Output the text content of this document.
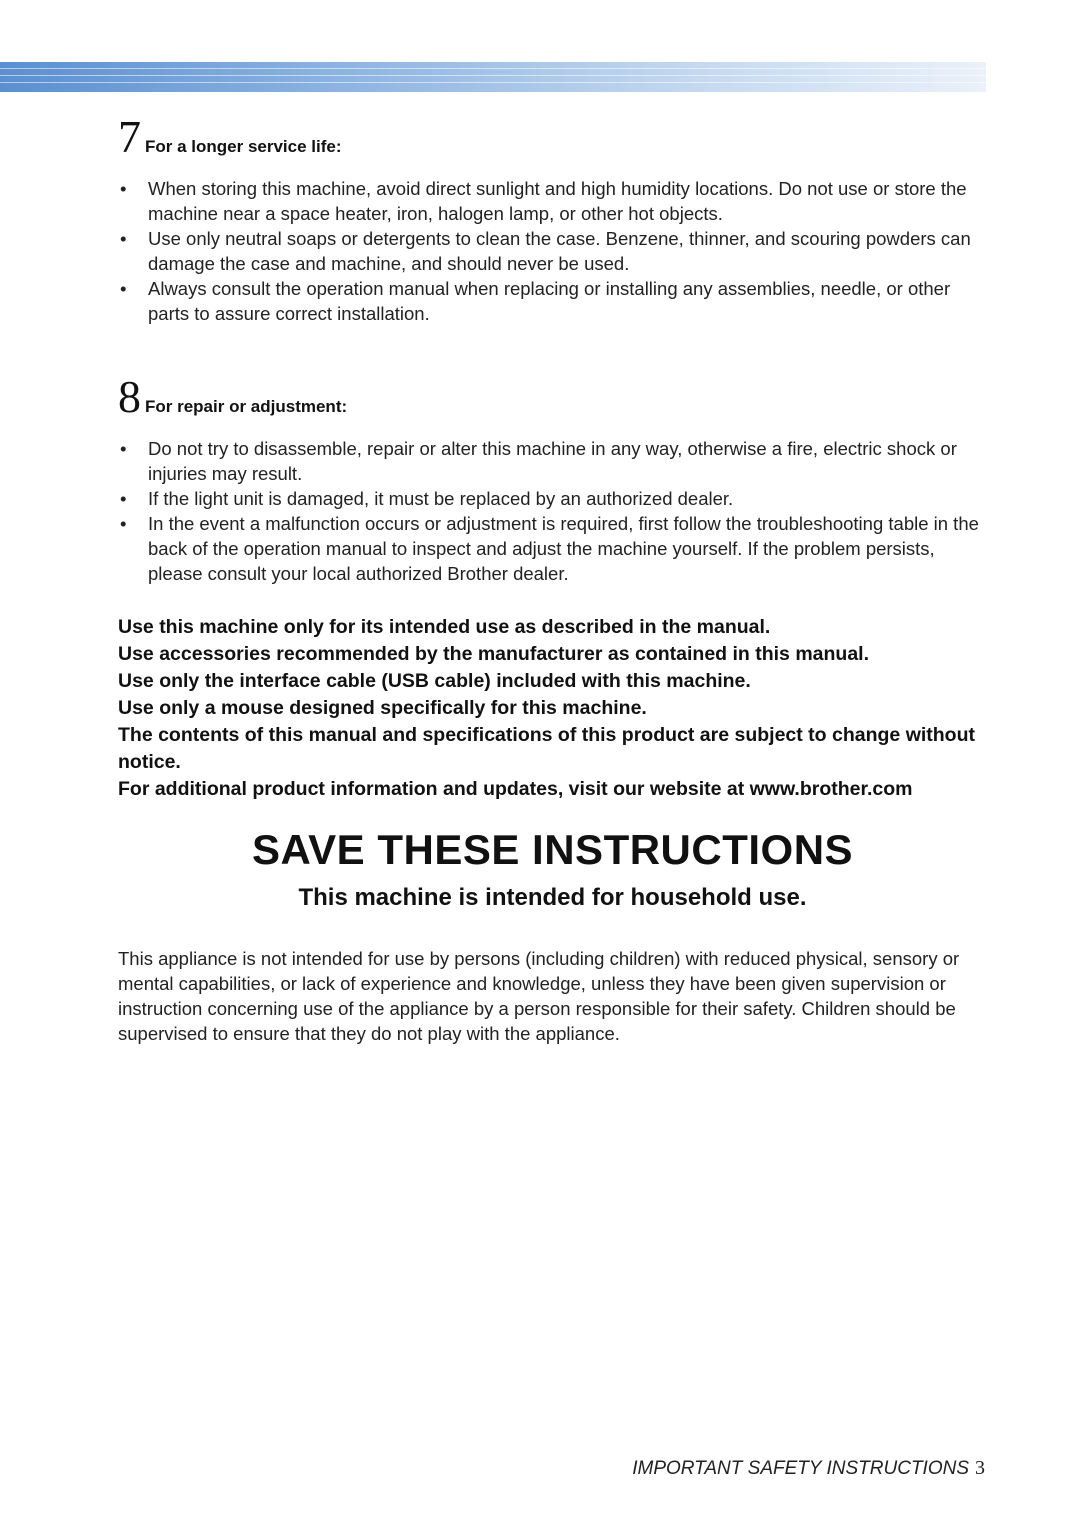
7 For a longer service life:
• When storing this machine, avoid direct sunlight and high humidity locations. Do not use or store the machine near a space heater, iron, halogen lamp, or other hot objects.
• Use only neutral soaps or detergents to clean the case. Benzene, thinner, and scouring powders can damage the case and machine, and should never be used.
• Always consult the operation manual when replacing or installing any assemblies, needle, or other parts to assure correct installation.
8 For repair or adjustment:
• Do not try to disassemble, repair or alter this machine in any way, otherwise a fire, electric shock or injuries may result.
• If the light unit is damaged, it must be replaced by an authorized dealer.
• In the event a malfunction occurs or adjustment is required, first follow the troubleshooting table in the back of the operation manual to inspect and adjust the machine yourself. If the problem persists, please consult your local authorized Brother dealer.

Use this machine only for its intended use as described in the manual.

Use accessories recommended by the manufacturer as contained in this manual.

Use only the interface cable (USB cable) included with this machine.

Use only a mouse designed specifically for this machine.

The contents of this manual and specifications of this product are subject to change without notice.

For additional product information and updates, visit our website at www.brother.com

SAVE THESE INSTRUCTIONS
This machine is intended for household use.

This appliance is not intended for use by persons (including children) with reduced physical, sensory or mental capabilities, or lack of experience and knowledge, unless they have been given supervision or instruction concerning use of the appliance by a person responsible for their safety. Children should be supervised to ensure that they do not play with the appliance.

IMPORTANT SAFETY INSTRUCTIONS 3
